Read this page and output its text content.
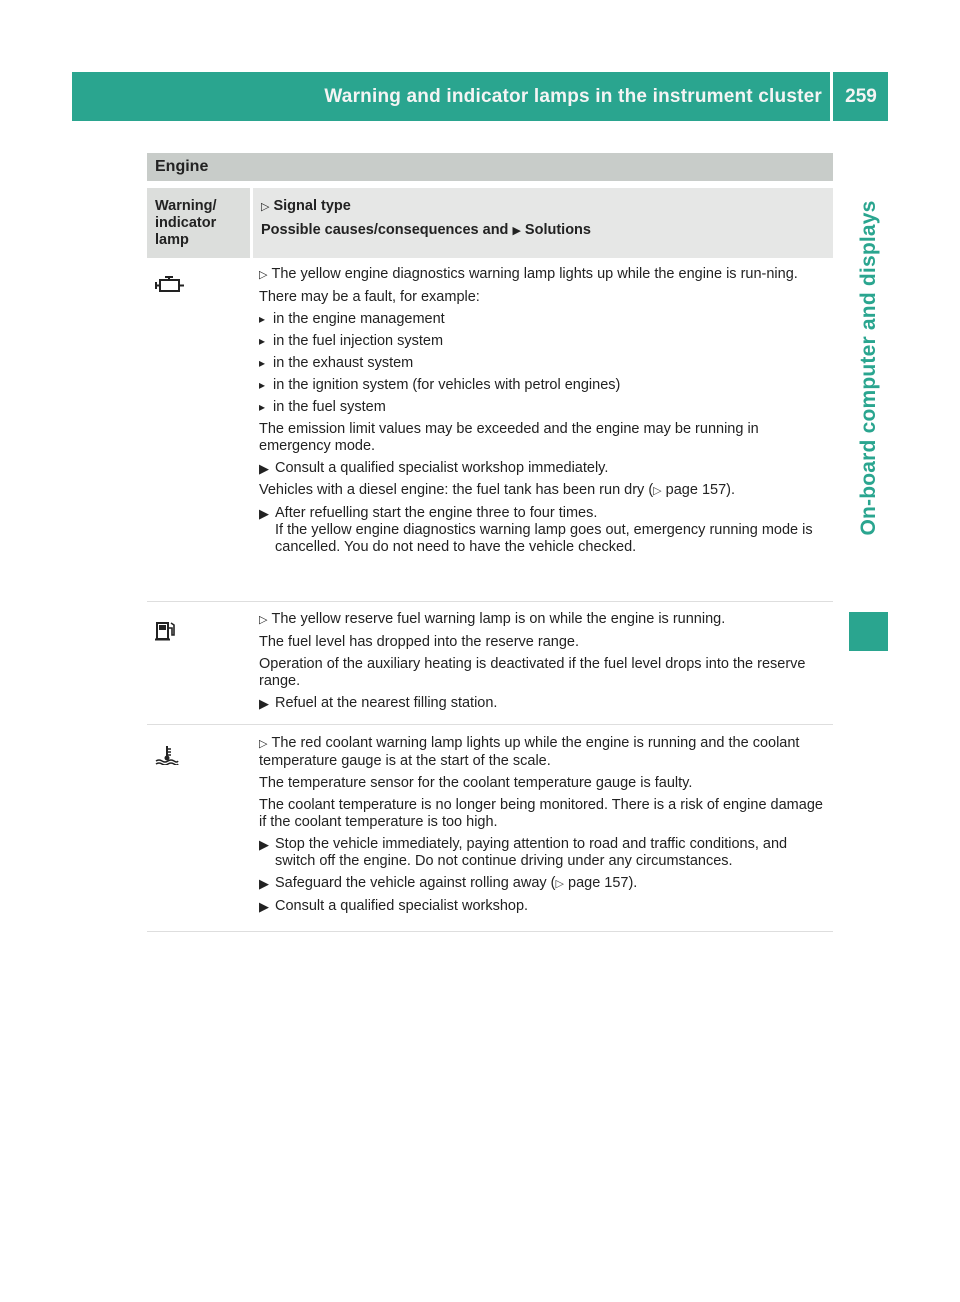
Warning and indicator lamps in the instrument cluster	259
On-board computer and displays
Engine
Warning/
indicator
lamp
▷ Signal type
Possible causes/consequences and ▶ Solutions
▷ The yellow engine diagnostics warning lamp lights up while the engine is run-ning.
There may be a fault, for example:
▸ in the engine management
▸ in the fuel injection system
▸ in the exhaust system
▸ in the ignition system (for vehicles with petrol engines)
▸ in the fuel system
The emission limit values may be exceeded and the engine may be running in emergency mode.
▶ Consult a qualified specialist workshop immediately.
Vehicles with a diesel engine: the fuel tank has been run dry (▷ page 157).
▶ After refuelling start the engine three to four times.
If the yellow engine diagnostics warning lamp goes out, emergency running mode is cancelled. You do not need to have the vehicle checked.
▷ The yellow reserve fuel warning lamp is on while the engine is running.
The fuel level has dropped into the reserve range.
Operation of the auxiliary heating is deactivated if the fuel level drops into the reserve range.
▶ Refuel at the nearest filling station.
▷ The red coolant warning lamp lights up while the engine is running and the coolant temperature gauge is at the start of the scale.
The temperature sensor for the coolant temperature gauge is faulty.
The coolant temperature is no longer being monitored. There is a risk of engine damage if the coolant temperature is too high.
▶ Stop the vehicle immediately, paying attention to road and traffic conditions, and switch off the engine. Do not continue driving under any circumstances.
▶ Safeguard the vehicle against rolling away (▷ page 157).
▶ Consult a qualified specialist workshop.
